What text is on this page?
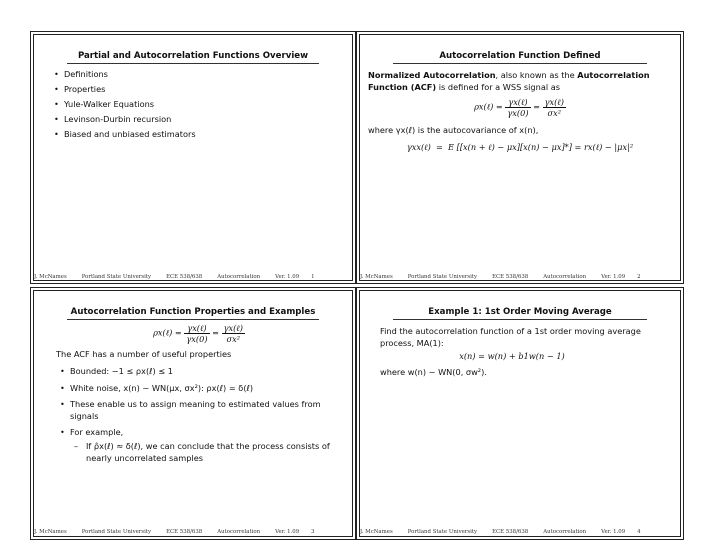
Partial and Autocorrelation Functions Overview
• Definitions
• Properties
• Yule-Walker Equations
• Levinson-Durbin recursion
• Biased and unbiased estimators
J. McNames	Portland State University	ECE 538/638	Autocorrelation	Ver. 1.09 1
Autocorrelation Function Defined
Normalized Autocorrelation, also known as the Autocorrelation Function (ACF) is defined for a WSS signal as
ρx(ℓ) = $\frac{\text{γx(ℓ)}}{\gamma x(0)} = \frac{\text{γx(ℓ)}}{\text{σx²}}$
where γx(ℓ) is the autocovariance of x(n),
γxx(ℓ)  =  E [[x(n + ℓ) − μx][x(n) − μx]*] = rx(ℓ) − |μx|²
J. McNames	Portland State University	ECE 538/638	Autocorrelation	Ver. 1.09 2
Autocorrelation Function Properties and Examples
ρx(ℓ) = $\frac{\text{γx(ℓ)}}{\gamma x(0)} = \frac{\text{γx(ℓ)}}{\text{σx²}}$
The ACF has a number of useful properties
• Bounded: −1 ≤ ρx(ℓ) ≤ 1
• White noise, x(n) ∼ WN(μx, σx²): ρx(ℓ) = δ(ℓ)
• These enable us to assign meaning to estimated values from signals
• For example,
– If ρ̂x(ℓ) ≈ δ(ℓ), we can conclude that the process consists of nearly uncorrelated samples
J. McNames	Portland State University	ECE 538/638	Autocorrelation	Ver. 1.09 3
Example 1: 1st Order Moving Average
Find the autocorrelation function of a 1st order moving average process, MA(1):
x(n) = w(n) + b1w(n − 1)
where w(n) ∼ WN(0, σw²).
J. McNames	Portland State University	ECE 538/638	Autocorrelation	Ver. 1.09 4
